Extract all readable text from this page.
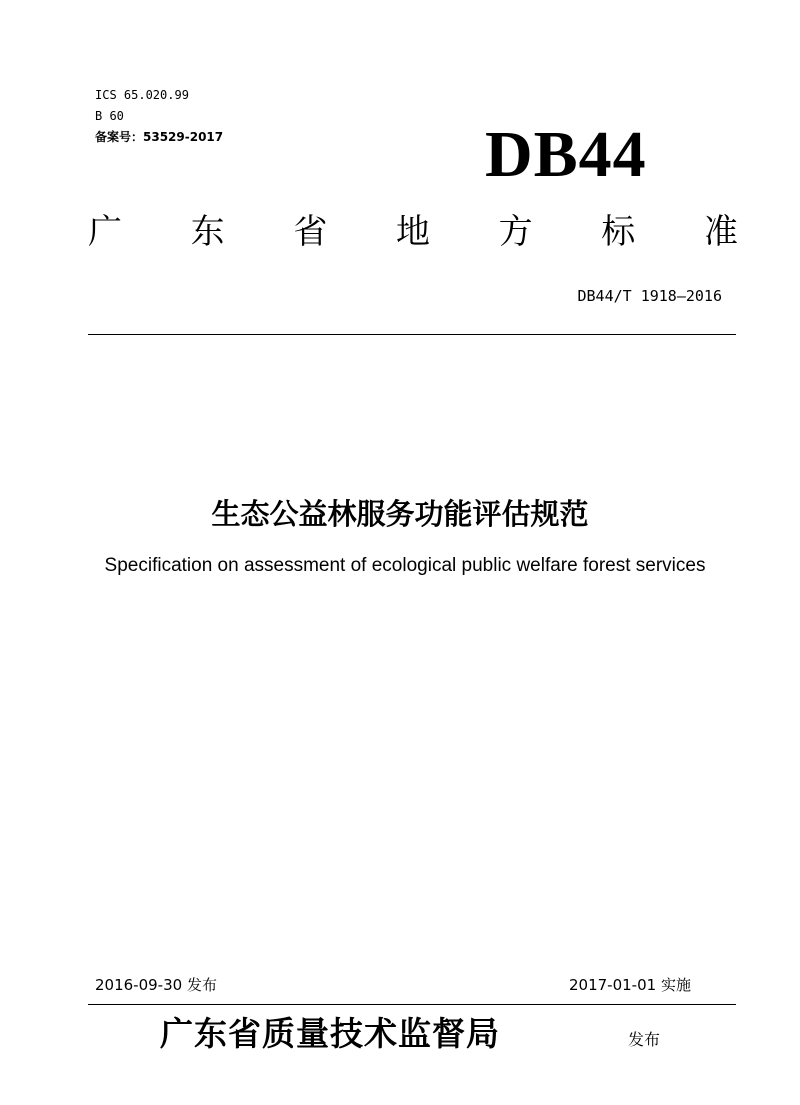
ICS 65.020.99
B 60
备案号：53529-2017	DB44
广 东 省 地 方 标 准
DB44/T 1918—2016
生态公益林服务功能评估规范
Specification on assessment of ecological public welfare forest services
2016-09-30 发布	2017-01-01 实施
广东省质量技术监督局	发布
